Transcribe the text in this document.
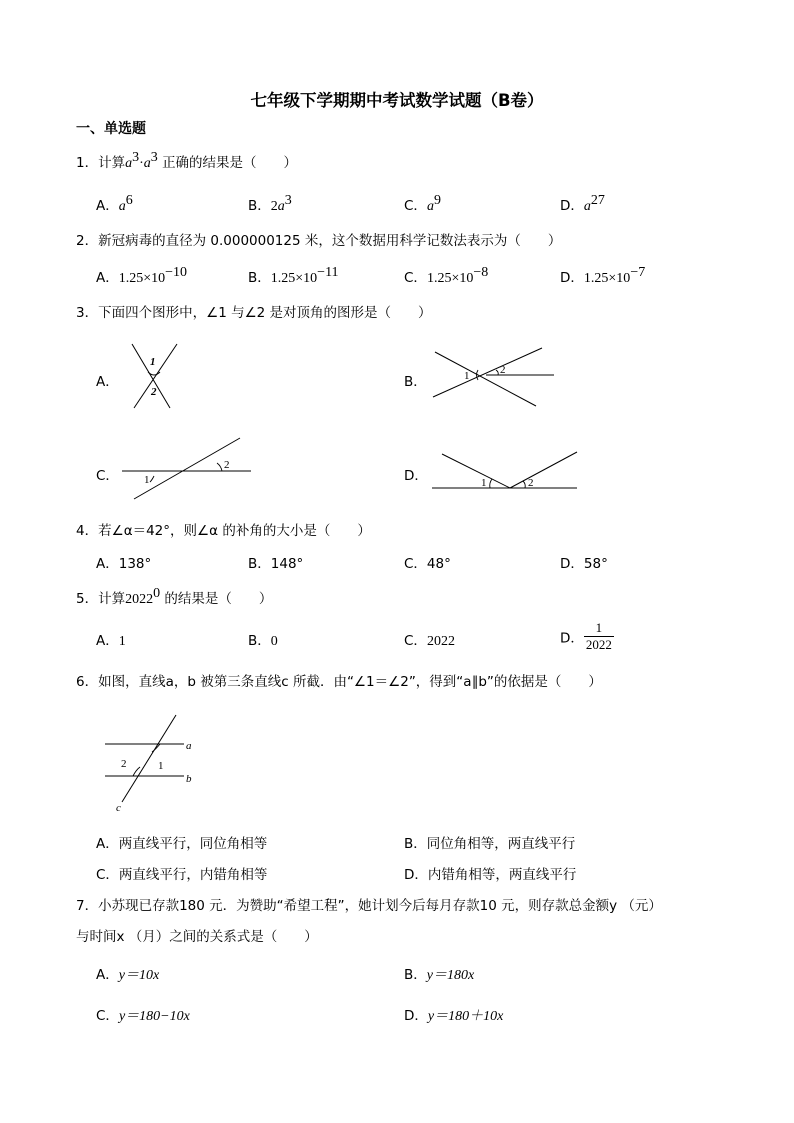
七年级下学期期中考试数学试题（B卷）
一、单选题
1．计算$a^3\cdot a^3$ 正确的结果是（　　）
A．$a^6$	B．$2a^3$	C．$a^9$	D．$a^{27}$
2．新冠病毒的直径为 0.000000125 米，这个数据用科学记数法表示为（　　）
A．$1.25\times 10^{-10}$	B．$1.25\times 10^{-11}$	C．$1.25\times 10^{-8}$	D．$1.25\times 10^{-7}$
3．下面四个图形中，∠1 与∠2 是对顶角的图形是（　　）
A．
1
2
B．	1	2
C． 1
2
D．	1	2
4．若∠α＝42°，则∠α 的补角的大小是（　　）
A．138°	B．148°	C．48°	D．58°
5．计算2022$^0$ 的结果是（　　）
A．1	B．0	C．2022	D． $\frac{1}{2022}$
6．如图，直线a，b 被第三条直线c 所截．由“∠1＝∠2”，得到“a∥b”的依据是（　　）
a
b
c
2	1
A．两直线平行，同位角相等	B．同位角相等，两直线平行
C．两直线平行，内错角相等	D．内错角相等，两直线平行
7．小苏现已存款180 元．为赞助“希望工程”，她计划今后每月存款10 元，则存款总金额y （元）
与时间x （月）之间的关系式是（　　）
A．y＝10x	B．y＝180x
C．y＝180−10x	D．y＝180＋10x
